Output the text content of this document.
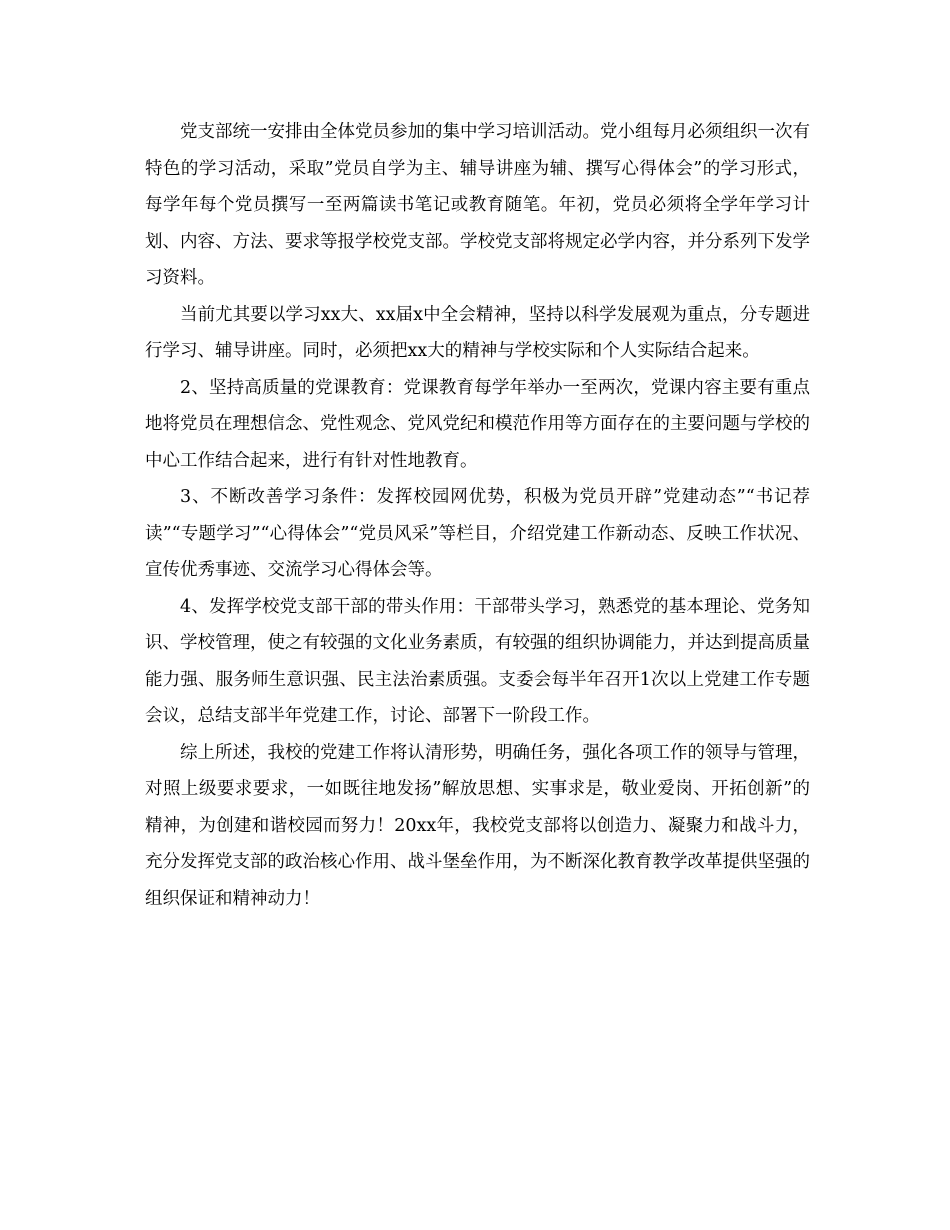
党支部统一安排由全体党员参加的集中学习培训活动。党小组每月必须组织一次有特色的学习活动，采取”党员自学为主、辅导讲座为辅、撰写心得体会”的学习形式，每学年每个党员撰写一至两篇读书笔记或教育随笔。年初，党员必须将全学年学习计划、内容、方法、要求等报学校党支部。学校党支部将规定必学内容，并分系列下发学习资料。

当前尤其要以学习xx大、xx届x中全会精神，坚持以科学发展观为重点，分专题进行学习、辅导讲座。同时，必须把xx大的精神与学校实际和个人实际结合起来。

2、坚持高质量的党课教育：党课教育每学年举办一至两次，党课内容主要有重点地将党员在理想信念、党性观念、党风党纪和模范作用等方面存在的主要问题与学校的中心工作结合起来，进行有针对性地教育。

3、不断改善学习条件：发挥校园网优势，积极为党员开辟”党建动态”“书记荐读”“专题学习”“心得体会”“党员风采”等栏目，介绍党建工作新动态、反映工作状况、宣传优秀事迹、交流学习心得体会等。

4、发挥学校党支部干部的带头作用：干部带头学习，熟悉党的基本理论、党务知识、学校管理，使之有较强的文化业务素质，有较强的组织协调能力，并达到提高质量能力强、服务师生意识强、民主法治素质强。支委会每半年召开1次以上党建工作专题会议，总结支部半年党建工作，讨论、部署下一阶段工作。

综上所述，我校的党建工作将认清形势，明确任务，强化各项工作的领导与管理，对照上级要求要求，一如既往地发扬”解放思想、实事求是，敬业爱岗、开拓创新”的精神，为创建和谐校园而努力！20xx年，我校党支部将以创造力、凝聚力和战斗力，充分发挥党支部的政治核心作用、战斗堡垒作用，为不断深化教育教学改革提供坚强的组织保证和精神动力！
